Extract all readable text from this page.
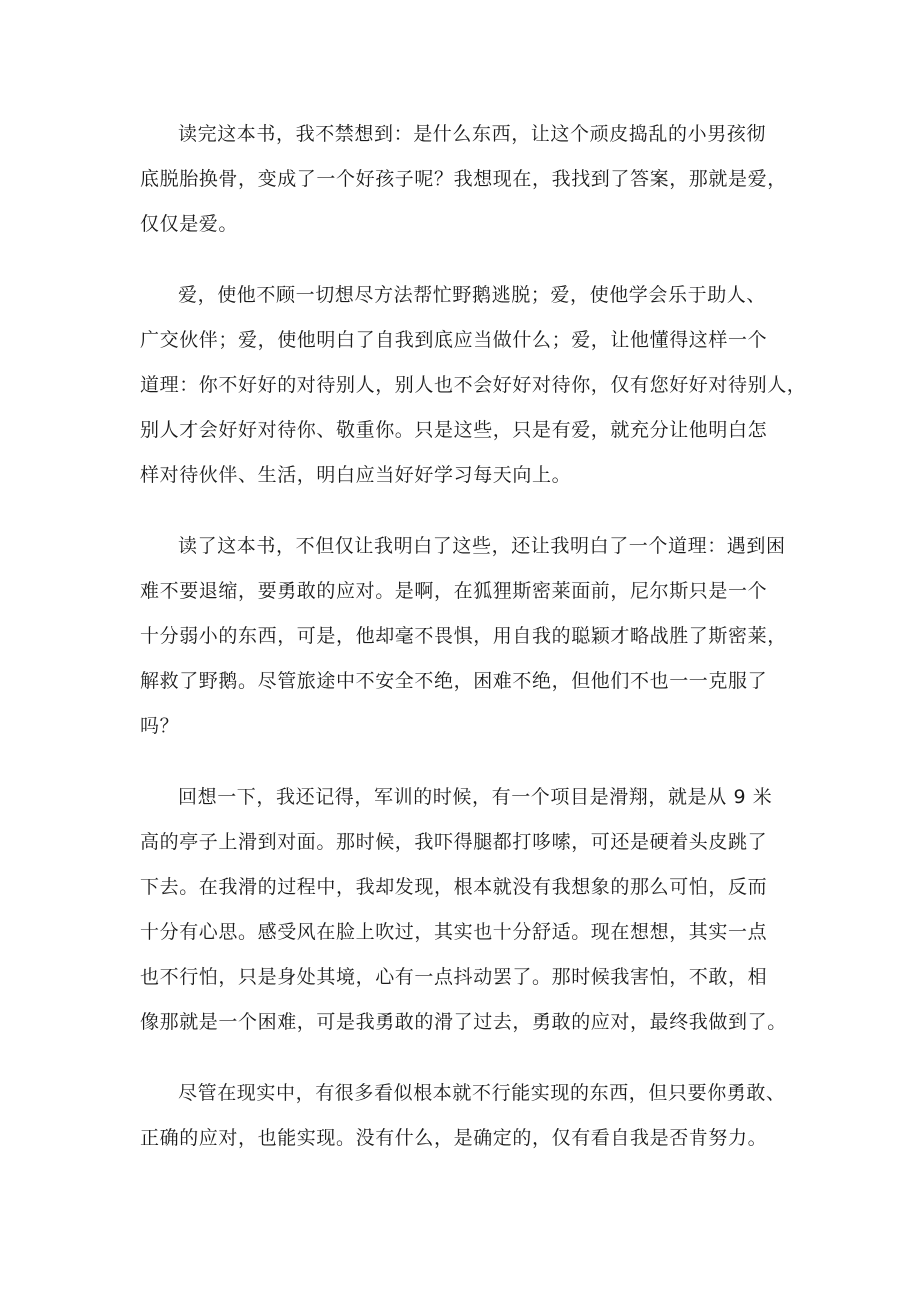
读完这本书，我不禁想到：是什么东西，让这个顽皮捣乱的小男孩彻
底脱胎换骨，变成了一个好孩子呢？我想现在，我找到了答案，那就是爱，
仅仅是爱。
爱，使他不顾一切想尽方法帮忙野鹅逃脱；爱，使他学会乐于助人、
广交伙伴；爱，使他明白了自我到底应当做什么；爱，让他懂得这样一个
道理：你不好好的对待别人，别人也不会好好对待你，仅有您好好对待别人，
别人才会好好对待你、敬重你。只是这些，只是有爱，就充分让他明白怎
样对待伙伴、生活，明白应当好好学习每天向上。
读了这本书，不但仅让我明白了这些，还让我明白了一个道理：遇到困
难不要退缩，要勇敢的应对。是啊，在狐狸斯密莱面前，尼尔斯只是一个
十分弱小的东西，可是，他却毫不畏惧，用自我的聪颖才略战胜了斯密莱，
解救了野鹅。尽管旅途中不安全不绝，困难不绝，但他们不也一一克服了
吗？
回想一下，我还记得，军训的时候，有一个项目是滑翔，就是从 9 米
高的亭子上滑到对面。那时候，我吓得腿都打哆嗦，可还是硬着头皮跳了
下去。在我滑的过程中，我却发现，根本就没有我想象的那么可怕，反而
十分有心思。感受风在脸上吹过，其实也十分舒适。现在想想，其实一点
也不行怕，只是身处其境，心有一点抖动罢了。那时候我害怕，不敢，相
像那就是一个困难，可是我勇敢的滑了过去，勇敢的应对，最终我做到了。
尽管在现实中，有很多看似根本就不行能实现的东西，但只要你勇敢、
正确的应对，也能实现。没有什么，是确定的，仅有看自我是否肯努力。
